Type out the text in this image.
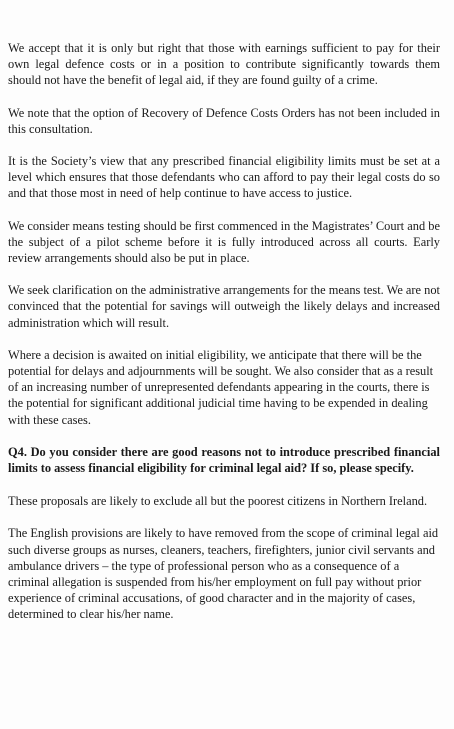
We accept that it is only but right that those with earnings sufficient to pay for their own legal defence costs or in a position to contribute significantly towards them should not have the benefit of legal aid, if they are found guilty of a crime.

We note that the option of Recovery of Defence Costs Orders has not been included in this consultation.

It is the Society’s view that any prescribed financial eligibility limits must be set at a level which ensures that those defendants who can afford to pay their legal costs do so and that those most in need of help continue to have access to justice.

We consider means testing should be first commenced in the Magistrates’ Court and be the subject of a pilot scheme before it is fully introduced across all courts. Early review arrangements should also be put in place.

We seek clarification on the administrative arrangements for the means test. We are not convinced that the potential for savings will outweigh the likely delays and increased administration which will result.

Where a decision is awaited on initial eligibility, we anticipate that there will be the potential for delays and adjournments will be sought. We also consider that as a result of an increasing number of unrepresented defendants appearing in the courts, there is the potential for significant additional judicial time having to be expended in dealing with these cases.

Q4. Do you consider there are good reasons not to introduce prescribed financial limits to assess financial eligibility for criminal legal aid? If so, please specify.

These proposals are likely to exclude all but the poorest citizens in Northern Ireland.

The English provisions are likely to have removed from the scope of criminal legal aid such diverse groups as nurses, cleaners, teachers, firefighters, junior civil servants and ambulance drivers – the type of professional person who as a consequence of a criminal allegation is suspended from his/her employment on full pay without prior experience of criminal accusations, of good character and in the majority of cases, determined to clear his/her name.
